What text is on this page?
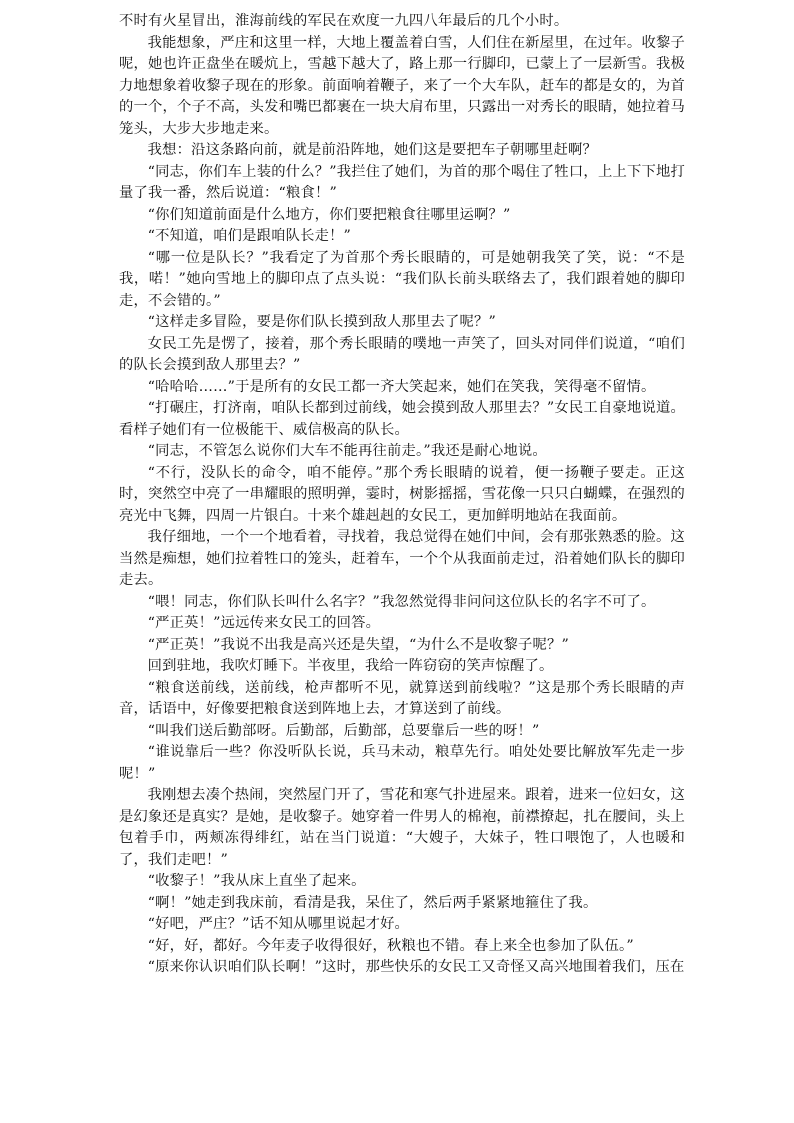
不时有火星冒出，淮海前线的军民在欢度一九四八年最后的几个小时。

我能想象，严庄和这里一样，大地上覆盖着白雪，人们住在新屋里，在过年。收黎子呢，她也许正盘坐在暖炕上，雪越下越大了，路上那一行脚印，已蒙上了一层新雪。我极力地想象着收黎子现在的形象。前面响着鞭子，来了一个大车队，赶车的都是女的，为首的一个，个子不高，头发和嘴巴都裹在一块大肩布里，只露出一对秀长的眼睛，她拉着马笼头，大步大步地走来。

我想：沿这条路向前，就是前沿阵地，她们这是要把车子朝哪里赶啊？

“同志，你们车上装的什么？”我拦住了她们，为首的那个喝住了牲口，上上下下地打量了我一番，然后说道：“粮食！”

“你们知道前面是什么地方，你们要把粮食往哪里运啊？”

“不知道，咱们是跟咱队长走！”

“哪一位是队长？”我看定了为首那个秀长眼睛的，可是她朝我笑了笑，说：“不是我，喏！”她向雪地上的脚印点了点头说：“我们队长前头联络去了，我们跟着她的脚印走，不会错的。”

“这样走多冒险，要是你们队长摸到敌人那里去了呢？”

女民工先是愣了，接着，那个秀长眼睛的噗地一声笑了，回头对同伴们说道，“咱们的队长会摸到敌人那里去？”

“哈哈哈……”于是所有的女民工都一齐大笑起来，她们在笑我，笑得毫不留情。

“打碾庄，打济南，咱队长都到过前线，她会摸到敌人那里去？”女民工自豪地说道。看样子她们有一位极能干、威信极高的队长。

“同志，不管怎么说你们大车不能再往前走。”我还是耐心地说。

“不行，没队长的命令，咱不能停。”那个秀长眼睛的说着，便一扬鞭子要走。正这时，突然空中亮了一串耀眼的照明弹，霎时，树影摇摇，雪花像一只只白蝴蝶，在强烈的亮光中飞舞，四周一片银白。十来个雄赳赳的女民工，更加鲜明地站在我面前。

我仔细地，一个一个地看着，寻找着，我总觉得在她们中间，会有那张熟悉的脸。这当然是痴想，她们拉着牲口的笼头，赶着车，一个个从我面前走过，沿着她们队长的脚印走去。

“喂！同志，你们队长叫什么名字？”我忽然觉得非问问这位队长的名字不可了。

“严正英！”远远传来女民工的回答。

“严正英！”我说不出我是高兴还是失望，“为什么不是收黎子呢？”

回到驻地，我吹灯睡下。半夜里，我给一阵窃窃的笑声惊醒了。

“粮食送前线，送前线，枪声都听不见，就算送到前线啦？”这是那个秀长眼睛的声音，话语中，好像要把粮食送到阵地上去，才算送到了前线。

“叫我们送后勤部呀。后勤部，后勤部，总要靠后一些的呀！”

“谁说靠后一些？你没听队长说，兵马未动，粮草先行。咱处处要比解放军先走一步呢！”

我刚想去凑个热闹，突然屋门开了，雪花和寒气扑进屋来。跟着，进来一位妇女，这是幻象还是真实？是她，是收黎子。她穿着一件男人的棉袍，前襟撩起，扎在腰间，头上包着手巾，两颊冻得绯红，站在当门说道：“大嫂子，大妹子，牲口喂饱了，人也暖和了，我们走吧！”

“收黎子！”我从床上直坐了起来。

“啊！”她走到我床前，看清是我，呆住了，然后两手紧紧地箍住了我。

“好吧，严庄？”话不知从哪里说起才好。

“好，好，都好。今年麦子收得很好，秋粮也不错。春上来全也参加了队伍。”

“原来你认识咱们队长啊！”这时，那些快乐的女民工又奇怪又高兴地围着我们，压在
